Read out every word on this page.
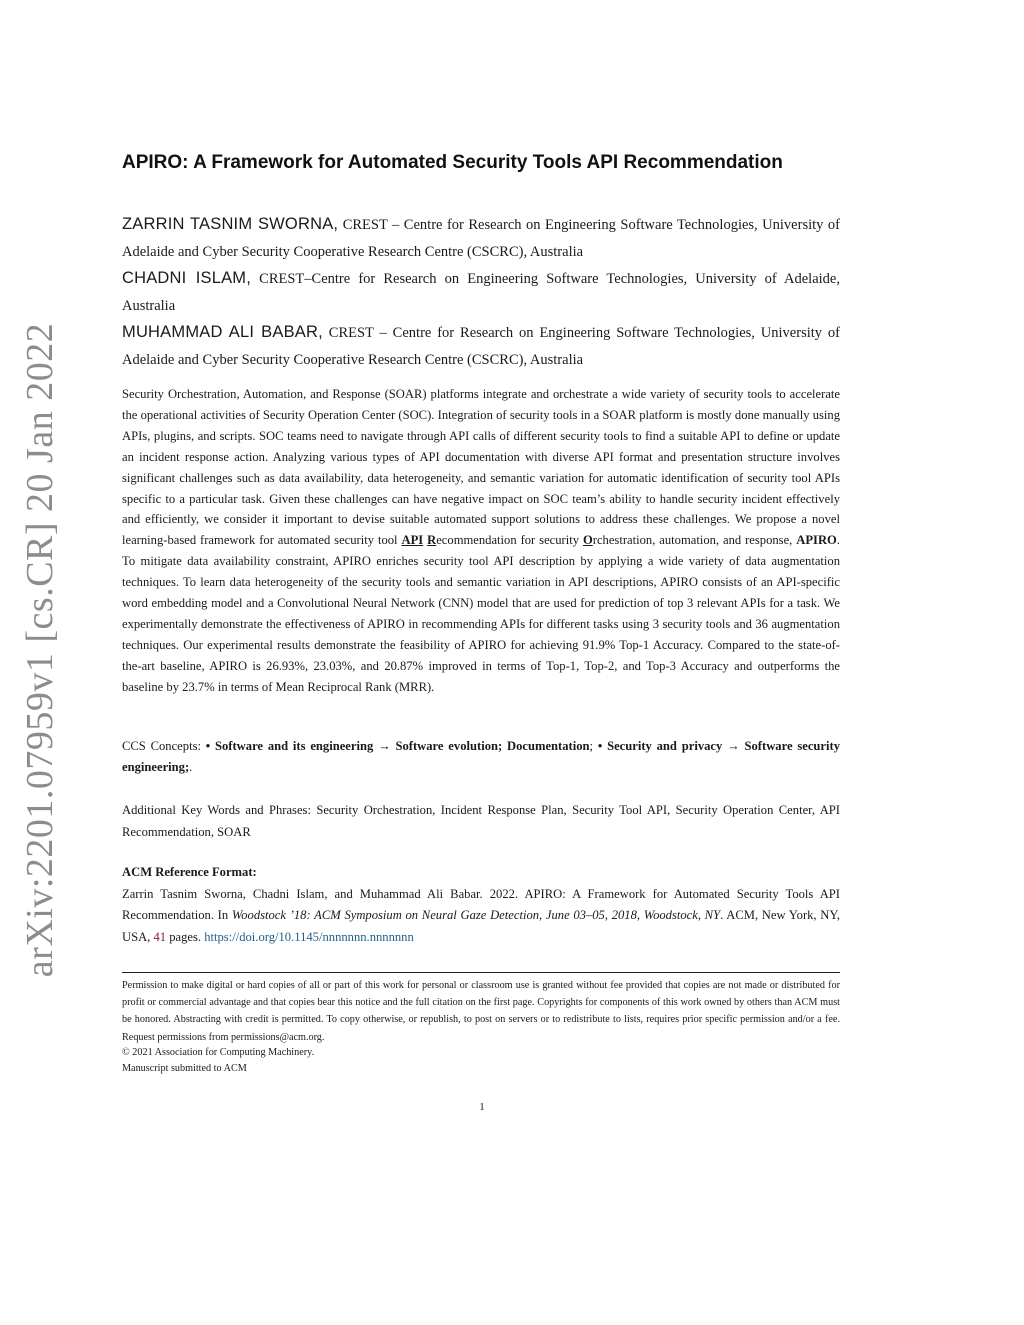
arXiv:2201.07959v1 [cs.CR] 20 Jan 2022
APIRO: A Framework for Automated Security Tools API Recommendation
ZARRIN TASNIM SWORNA, CREST – Centre for Research on Engineering Software Technologies, University of Adelaide and Cyber Security Cooperative Research Centre (CSCRC), Australia
CHADNI ISLAM, CREST–Centre for Research on Engineering Software Technologies, University of Adelaide, Australia
MUHAMMAD ALI BABAR, CREST – Centre for Research on Engineering Software Technologies, University of Adelaide and Cyber Security Cooperative Research Centre (CSCRC), Australia
Security Orchestration, Automation, and Response (SOAR) platforms integrate and orchestrate a wide variety of security tools to accelerate the operational activities of Security Operation Center (SOC). Integration of security tools in a SOAR platform is mostly done manually using APIs, plugins, and scripts. SOC teams need to navigate through API calls of different security tools to find a suitable API to define or update an incident response action. Analyzing various types of API documentation with diverse API format and presentation structure involves significant challenges such as data availability, data heterogeneity, and semantic variation for automatic identification of security tool APIs specific to a particular task. Given these challenges can have negative impact on SOC team’s ability to handle security incident effectively and efficiently, we consider it important to devise suitable automated support solutions to address these challenges. We propose a novel learning-based framework for automated security tool API Recommendation for security Orchestration, automation, and response, APIRO. To mitigate data availability constraint, APIRO enriches security tool API description by applying a wide variety of data augmentation techniques. To learn data heterogeneity of the security tools and semantic variation in API descriptions, APIRO consists of an API-specific word embedding model and a Convolutional Neural Network (CNN) model that are used for prediction of top 3 relevant APIs for a task. We experimentally demonstrate the effectiveness of APIRO in recommending APIs for different tasks using 3 security tools and 36 augmentation techniques. Our experimental results demonstrate the feasibility of APIRO for achieving 91.9% Top-1 Accuracy. Compared to the state-of-the-art baseline, APIRO is 26.93%, 23.03%, and 20.87% improved in terms of Top-1, Top-2, and Top-3 Accuracy and outperforms the baseline by 23.7% in terms of Mean Reciprocal Rank (MRR).
CCS Concepts: • Software and its engineering → Software evolution; Documentation; • Security and privacy → Software security engineering;.
Additional Key Words and Phrases: Security Orchestration, Incident Response Plan, Security Tool API, Security Operation Center, API Recommendation, SOAR
ACM Reference Format:
Zarrin Tasnim Sworna, Chadni Islam, and Muhammad Ali Babar. 2022. APIRO: A Framework for Automated Security Tools API Recommendation. In Woodstock ’18: ACM Symposium on Neural Gaze Detection, June 03–05, 2018, Woodstock, NY. ACM, New York, NY, USA, 41 pages. https://doi.org/10.1145/nnnnnnn.nnnnnnn
Permission to make digital or hard copies of all or part of this work for personal or classroom use is granted without fee provided that copies are not made or distributed for profit or commercial advantage and that copies bear this notice and the full citation on the first page. Copyrights for components of this work owned by others than ACM must be honored. Abstracting with credit is permitted. To copy otherwise, or republish, to post on servers or to redistribute to lists, requires prior specific permission and/or a fee. Request permissions from permissions@acm.org.
© 2021 Association for Computing Machinery.
Manuscript submitted to ACM
1
